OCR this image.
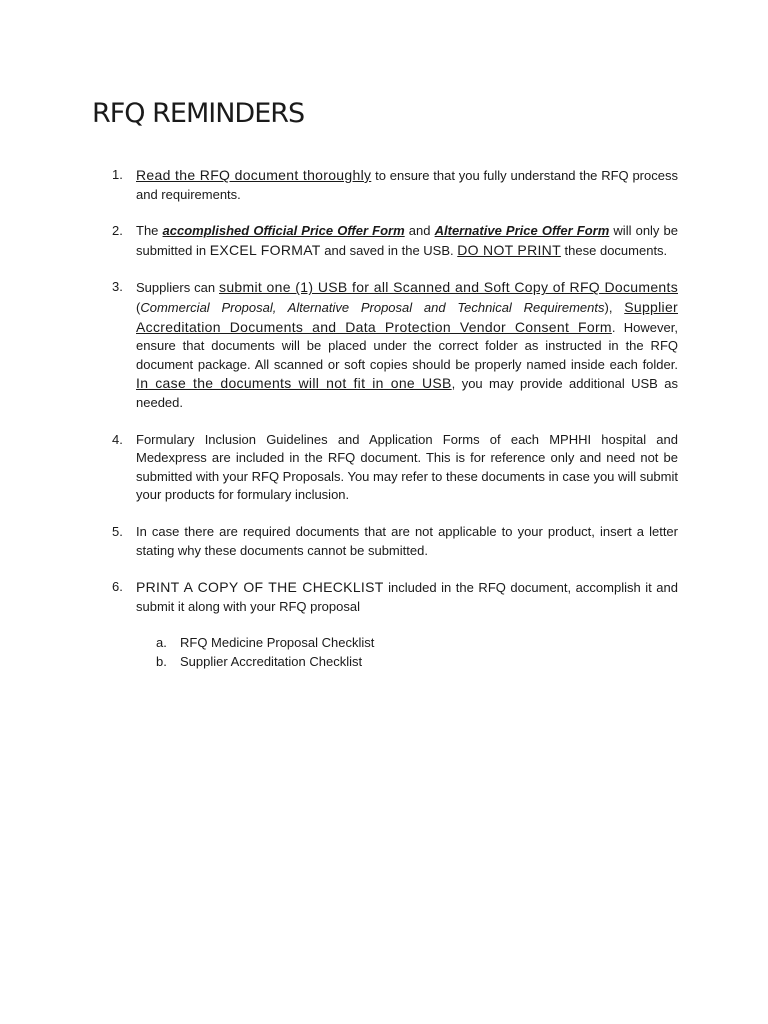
RFQ REMINDERS
1. Read the RFQ document thoroughly to ensure that you fully understand the RFQ process and requirements.

2. The accomplished Official Price Offer Form and Alternative Price Offer Form will only be submitted in EXCEL FORMAT and saved in the USB. DO NOT PRINT these documents.

3. Suppliers can submit one (1) USB for all Scanned and Soft Copy of RFQ Documents (Commercial Proposal, Alternative Proposal and Technical Requirements), Supplier Accreditation Documents and Data Protection Vendor Consent Form. However, ensure that documents will be placed under the correct folder as instructed in the RFQ document package. All scanned or soft copies should be properly named inside each folder. In case the documents will not fit in one USB, you may provide additional USB as needed.

4. Formulary Inclusion Guidelines and Application Forms of each MPHHI hospital and Medexpress are included in the RFQ document. This is for reference only and need not be submitted with your RFQ Proposals. You may refer to these documents in case you will submit your products for formulary inclusion.

5. In case there are required documents that are not applicable to your product, insert a letter stating why these documents cannot be submitted.

6. PRINT A COPY OF THE CHECKLIST included in the RFQ document, accomplish it and submit it along with your RFQ proposal

a. RFQ Medicine Proposal Checklist
b. Supplier Accreditation Checklist
